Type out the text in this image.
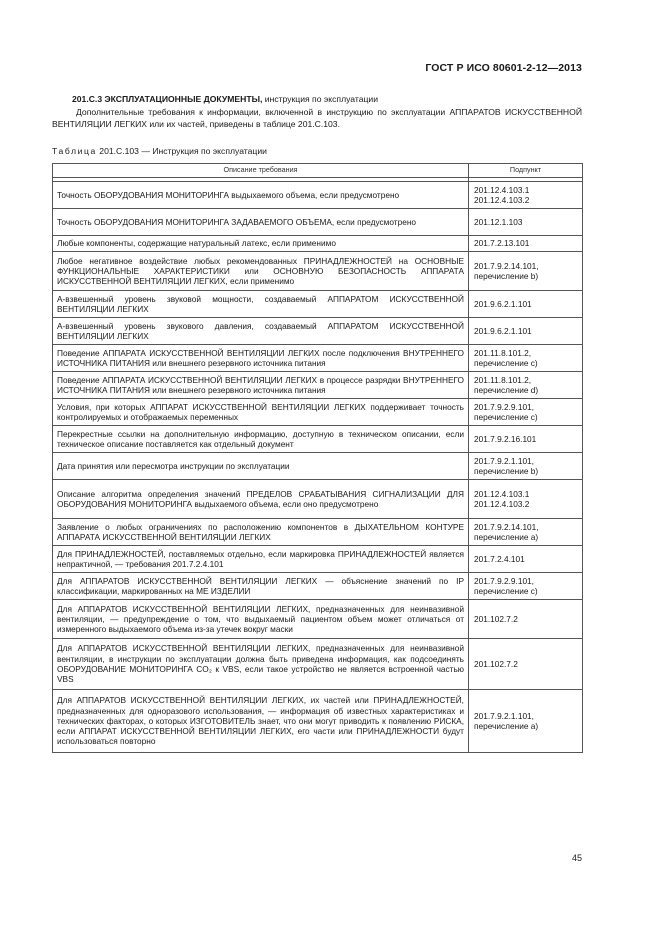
ГОСТ Р ИСО 80601-2-12—2013
201.С.3 ЭКСПЛУАТАЦИОННЫЕ ДОКУМЕНТЫ, инструкция по эксплуатации
Дополнительные требования к информации, включенной в инструкцию по эксплуатации АППАРАТОВ ИСКУССТВЕННОЙ ВЕНТИЛЯЦИИ ЛЕГКИХ или их частей, приведены в таблице 201.С.103.
Таблица 201.С.103 — Инструкция по эксплуатации
Описание требования	Подпункт

Точность ОБОРУДОВАНИЯ МОНИТОРИНГА выдыхаемого объема, если предусмотрено	201.12.4.103.1
201.12.4.103.2

Точность ОБОРУДОВАНИЯ МОНИТОРИНГА ЗАДАВАЕМОГО ОБЪЕМА, если предусмотрено	201.12.1.103

Любые компоненты, содержащие натуральный латекс, если применимо	201.7.2.13.101

Любое негативное воздействие любых рекомендованных ПРИНАДЛЕЖНОСТЕЙ на ОСНОВНЫЕ ФУНКЦИОНАЛЬНЫЕ ХАРАКТЕРИСТИКИ или ОСНОВНУЮ БЕЗОПАСНОСТЬ АППАРАТА ИСКУССТВЕННОЙ ВЕНТИЛЯЦИИ ЛЕГКИХ, если применимо	201.7.9.2.14.101,
перечисление b)

А-взвешенный уровень звуковой мощности, создаваемый АППАРАТОМ ИСКУССТВЕННОЙ ВЕНТИЛЯЦИИ ЛЕГКИХ	201.9.6.2.1.101

А-взвешенный уровень звукового давления, создаваемый АППАРАТОМ ИСКУССТВЕННОЙ ВЕНТИЛЯЦИИ ЛЕГКИХ	201.9.6.2.1.101

Поведение АППАРАТА ИСКУССТВЕННОЙ ВЕНТИЛЯЦИИ ЛЕГКИХ после подключения ВНУТРЕННЕГО ИСТОЧНИКА ПИТАНИЯ или внешнего резервного источника питания	201.11.8.101.2,
перечисление c)

Поведение АППАРАТА ИСКУССТВЕННОЙ ВЕНТИЛЯЦИИ ЛЕГКИХ в процессе разрядки ВНУТРЕННЕГО ИСТОЧНИКА ПИТАНИЯ или внешнего резервного источника питания	201.11.8.101.2,
перечисление d)

Условия, при которых АППАРАТ ИСКУССТВЕННОЙ ВЕНТИЛЯЦИИ ЛЕГКИХ поддерживает точность контролируемых и отображаемых переменных	201.7.9.2.9.101,
перечисление c)

Перекрестные ссылки на дополнительную информацию, доступную в техническом описании, если техническое описание поставляется как отдельный документ	201.7.9.2.16.101

Дата принятия или пересмотра инструкции по эксплуатации	201.7.9.2.1.101,
перечисление b)

Описание алгоритма определения значений ПРЕДЕЛОВ СРАБАТЫВАНИЯ СИГНАЛИЗАЦИИ ДЛЯ ОБОРУДОВАНИЯ МОНИТОРИНГА выдыхаемого объема, если оно предусмотрено	201.12.4.103.1
201.12.4.103.2

Заявление о любых ограничениях по расположению компонентов в ДЫХАТЕЛЬНОМ КОНТУРЕ АППАРАТА ИСКУССТВЕННОЙ ВЕНТИЛЯЦИИ ЛЕГКИХ	201.7.9.2.14.101,
перечисление a)

Для ПРИНАДЛЕЖНОСТЕЙ, поставляемых отдельно, если маркировка ПРИНАДЛЕЖНОСТЕЙ является непрактичной, — требования 201.7.2.4.101	201.7.2.4.101

Для АППАРАТОВ ИСКУССТВЕННОЙ ВЕНТИЛЯЦИИ ЛЕГКИХ — объяснение значений по IP классификации, маркированных на МЕ ИЗДЕЛИИ	201.7.9.2.9.101,
перечисление c)

Для АППАРАТОВ ИСКУССТВЕННОЙ ВЕНТИЛЯЦИИ ЛЕГКИХ, предназначенных для неинвазивной вентиляции, — предупреждение о том, что выдыхаемый пациентом объем может отличаться от измеренного выдыхаемого объема из-за утечек вокруг маски	201.102.7.2

Для АППАРАТОВ ИСКУССТВЕННОЙ ВЕНТИЛЯЦИИ ЛЕГКИХ, предназначенных для неинвазивной вентиляции, в инструкции по эксплуатации должна быть приведена информация, как подсоединять ОБОРУДОВАНИЕ МОНИТОРИНГА CO₂ к VBS, если такое устройство не является встроенной частью VBS	201.102.7.2

Для АППАРАТОВ ИСКУССТВЕННОЙ ВЕНТИЛЯЦИИ ЛЕГКИХ, их частей или ПРИНАДЛЕЖНОСТЕЙ, предназначенных для одноразового использования, — информация об известных характеристиках и технических факторах, о которых ИЗГОТОВИТЕЛЬ знает, что они могут приводить к появлению РИСКА, если АППАРАТ ИСКУССТВЕННОЙ ВЕНТИЛЯЦИИ ЛЕГКИХ, его части или ПРИНАДЛЕЖНОСТИ будут использоваться повторно	201.7.9.2.1.101,
перечисление a)
45
